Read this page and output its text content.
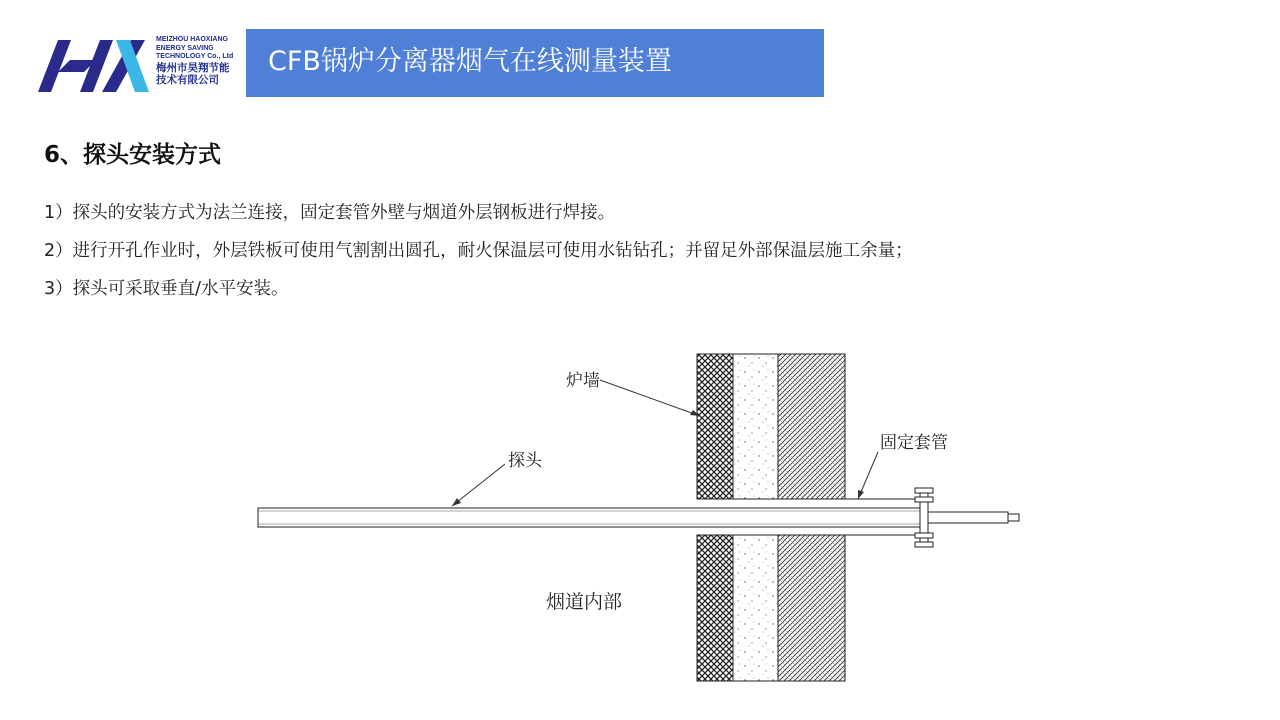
MEIZHOU HAOXIANG
ENERGY SAVING
TECHNOLOGY Co., Ltd
梅州市昊翔节能
技术有限公司
CFB锅炉分离器烟气在线测量装置
6、探头安装方式
1）探头的安装方式为法兰连接，固定套管外壁与烟道外层钢板进行焊接。
2）进行开孔作业时，外层铁板可使用气割割出圆孔，耐火保温层可使用水钻钻孔；并留足外部保温层施工余量；
3）探头可采取垂直/水平安装。
炉墙
探头
固定套管
烟道内部
